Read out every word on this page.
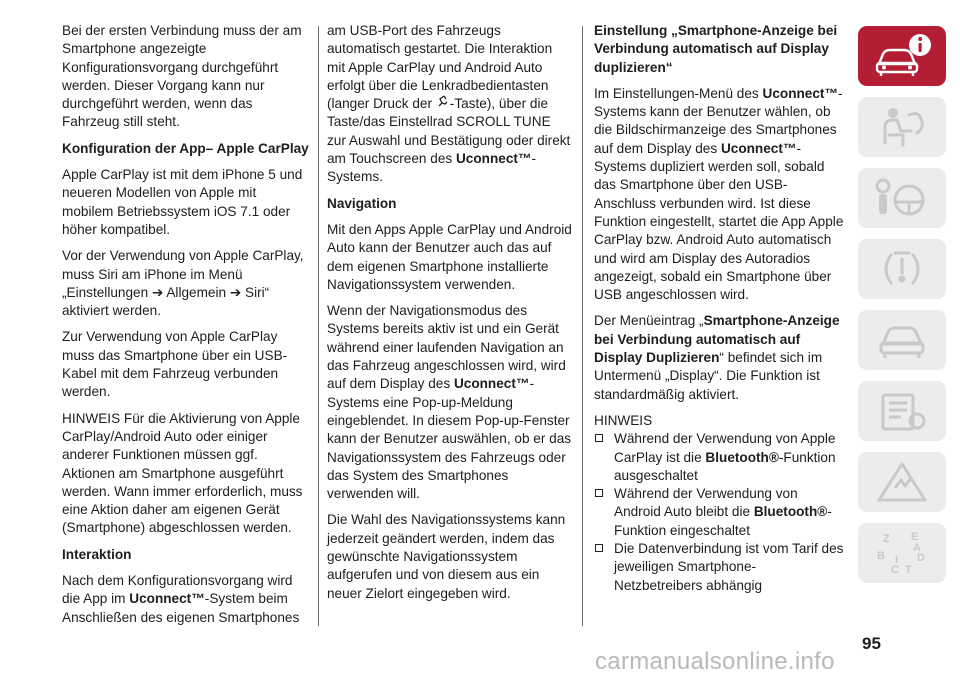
Bei der ersten Verbindung muss der am Smartphone angezeigte Konfigurationsvorgang durchgeführt werden. Dieser Vorgang kann nur durchgeführt werden, wenn das Fahrzeug still steht.

Konfiguration der App– Apple CarPlay

Apple CarPlay ist mit dem iPhone 5 und neueren Modellen von Apple mit mobilem Betriebssystem iOS 7.1 oder höher kompatibel.

Vor der Verwendung von Apple CarPlay, muss Siri am iPhone im Menü „Einstellungen ➔ Allgemein ➔ Siri“ aktiviert werden.

Zur Verwendung von Apple CarPlay muss das Smartphone über ein USB-Kabel mit dem Fahrzeug verbunden werden.

HINWEIS Für die Aktivierung von Apple CarPlay/Android Auto oder einiger anderer Funktionen müssen ggf. Aktionen am Smartphone ausgeführt werden. Wann immer erforderlich, muss eine Aktion daher am eigenen Gerät (Smartphone) abgeschlossen werden.

Interaktion

Nach dem Konfigurationsvorgang wird die App im Uconnect™-System beim Anschließen des eigenen Smartphones

am USB-Port des Fahrzeugs automatisch gestartet. Die Interaktion mit Apple CarPlay und Android Auto erfolgt über die Lenkradbedientasten (langer Druck der -Taste), über die Taste/das Einstellrad SCROLL TUNE zur Auswahl und Bestätigung oder direkt am Touchscreen des Uconnect™-Systems.

Navigation

Mit den Apps Apple CarPlay und Android Auto kann der Benutzer auch das auf dem eigenen Smartphone installierte Navigationssystem verwenden.

Wenn der Navigationsmodus des Systems bereits aktiv ist und ein Gerät während einer laufenden Navigation an das Fahrzeug angeschlossen wird, wird auf dem Display des Uconnect™-Systems eine Pop-up-Meldung eingeblendet. In diesem Pop-up-Fenster kann der Benutzer auswählen, ob er das Navigationssystem des Fahrzeugs oder das System des Smartphones verwenden will.

Die Wahl des Navigationssystems kann jederzeit geändert werden, indem das gewünschte Navigationssystem aufgerufen und von diesem aus ein neuer Zielort eingegeben wird.

Einstellung „Smartphone-Anzeige bei Verbindung automatisch auf Display duplizieren“

Im Einstellungen-Menü des Uconnect™-Systems kann der Benutzer wählen, ob die Bildschirmanzeige des Smartphones auf dem Display des Uconnect™-Systems dupliziert werden soll, sobald das Smartphone über den USB-Anschluss verbunden wird. Ist diese Funktion eingestellt, startet die App Apple CarPlay bzw. Android Auto automatisch und wird am Display des Autoradios angezeigt, sobald ein Smartphone über USB angeschlossen wird.

Der Menüeintrag „Smartphone-Anzeige bei Verbindung automatisch auf Display Duplizieren“ befindet sich im Untermenü „Display“. Die Funktion ist standardmäßig aktiviert.

HINWEIS
Während der Verwendung von Apple CarPlay ist die Bluetooth®-Funktion ausgeschaltet
Während der Verwendung von Android Auto bleibt die Bluetooth®-Funktion eingeschaltet
Die Datenverbindung ist vom Tarif des jeweiligen Smartphone-Netzbetreibers abhängig
Z E
B I
C T
D
A
95
carmanualsonline.info
